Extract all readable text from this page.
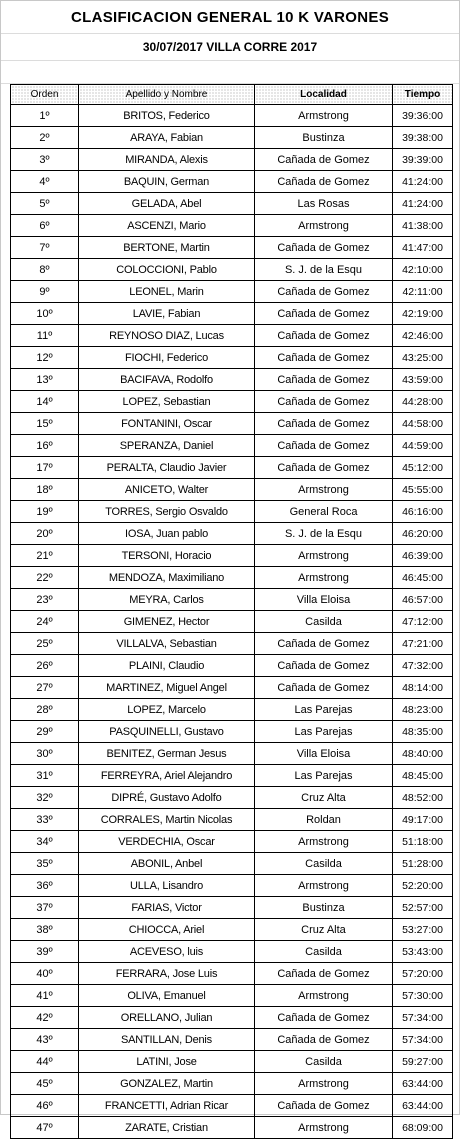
CLASIFICACION GENERAL 10 K VARONES
30/07/2017 VILLA CORRE 2017
Orden	Apellido y Nombre	Localidad	Tiempo
1º	BRITOS, Federico	Armstrong	39:36:00
2º	ARAYA, Fabian	Bustinza	39:38:00
3º	MIRANDA, Alexis	Cañada de Gomez	39:39:00
4º	BAQUIN, German	Cañada de Gomez	41:24:00
5º	GELADA, Abel	Las Rosas	41:24:00
6º	ASCENZI, Mario	Armstrong	41:38:00
7º	BERTONE, Martin	Cañada de Gomez	41:47:00
8º	COLOCCIONI, Pablo	S. J. de la Esqu	42:10:00
9º	LEONEL, Marin	Cañada de Gomez	42:11:00
10º	LAVIE, Fabian	Cañada de Gomez	42:19:00
11º	REYNOSO DIAZ, Lucas	Cañada de Gomez	42:46:00
12º	FIOCHI, Federico	Cañada de Gomez	43:25:00
13º	BACIFAVA, Rodolfo	Cañada de Gomez	43:59:00
14º	LOPEZ, Sebastian	Cañada de Gomez	44:28:00
15º	FONTANINI, Oscar	Cañada de Gomez	44:58:00
16º	SPERANZA, Daniel	Cañada de Gomez	44:59:00
17º	PERALTA, Claudio Javier	Cañada de Gomez	45:12:00
18º	ANICETO, Walter	Armstrong	45:55:00
19º	TORRES, Sergio Osvaldo	General Roca	46:16:00
20º	IOSA, Juan pablo	S. J. de la Esqu	46:20:00
21º	TERSONI, Horacio	Armstrong	46:39:00
22º	MENDOZA, Maximiliano	Armstrong	46:45:00
23º	MEYRA, Carlos	Villa Eloisa	46:57:00
24º	GIMENEZ, Hector	Casilda	47:12:00
25º	VILLALVA, Sebastian	Cañada de Gomez	47:21:00
26º	PLAINI, Claudio	Cañada de Gomez	47:32:00
27º	MARTINEZ, Miguel Angel	Cañada de Gomez	48:14:00
28º	LOPEZ, Marcelo	Las Parejas	48:23:00
29º	PASQUINELLI, Gustavo	Las Parejas	48:35:00
30º	BENITEZ, German Jesus	Villa Eloisa	48:40:00
31º	FERREYRA, Ariel Alejandro	Las Parejas	48:45:00
32º	DIPRÉ, Gustavo Adolfo	Cruz Alta	48:52:00
33º	CORRALES, Martin Nicolas	Roldan	49:17:00
34º	VERDECHIA, Oscar	Armstrong	51:18:00
35º	ABONIL, Anbel	Casilda	51:28:00
36º	ULLA, Lisandro	Armstrong	52:20:00
37º	FARIAS, Victor	Bustinza	52:57:00
38º	CHIOCCA, Ariel	Cruz Alta	53:27:00
39º	ACEVESO, luis	Casilda	53:43:00
40º	FERRARA, Jose Luis	Cañada de Gomez	57:20:00
41º	OLIVA, Emanuel	Armstrong	57:30:00
42º	ORELLANO, Julian	Cañada de Gomez	57:34:00
43º	SANTILLAN, Denis	Cañada de Gomez	57:34:00
44º	LATINI, Jose	Casilda	59:27:00
45º	GONZALEZ, Martin	Armstrong	63:44:00
46º	FRANCETTI, Adrian Ricar	Cañada de Gomez	63:44:00
47º	ZARATE, Cristian	Armstrong	68:09:00
